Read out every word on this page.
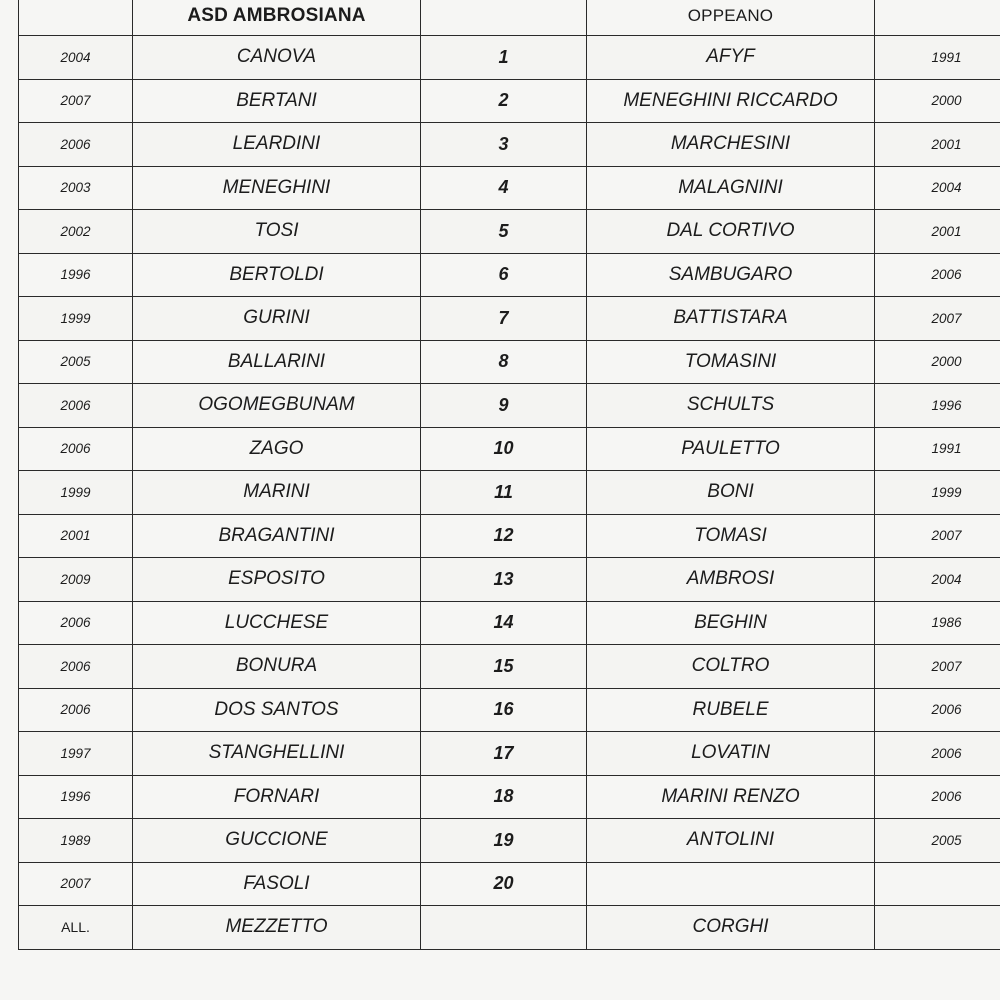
	ASD AMBROSIANA		OPPEANO	
2004	CANOVA	1	AFYF	1991
2007	BERTANI	2	MENEGHINI RICCARDO	2000
2006	LEARDINI	3	MARCHESINI	2001
2003	MENEGHINI	4	MALAGNINI	2004
2002	TOSI	5	DAL CORTIVO	2001
1996	BERTOLDI	6	SAMBUGARO	2006
1999	GURINI	7	BATTISTARA	2007
2005	BALLARINI	8	TOMASINI	2000
2006	OGOMEGBUNAM	9	SCHULTS	1996
2006	ZAGO	10	PAULETTO	1991
1999	MARINI	11	BONI	1999
2001	BRAGANTINI	12	TOMASI	2007
2009	ESPOSITO	13	AMBROSI	2004
2006	LUCCHESE	14	BEGHIN	1986
2006	BONURA	15	COLTRO	2007
2006	DOS SANTOS	16	RUBELE	2006
1997	STANGHELLINI	17	LOVATIN	2006
1996	FORNARI	18	MARINI RENZO	2006
1989	GUCCIONE	19	ANTOLINI	2005
2007	FASOLI	20		
ALL.	MEZZETTO		CORGHI	
